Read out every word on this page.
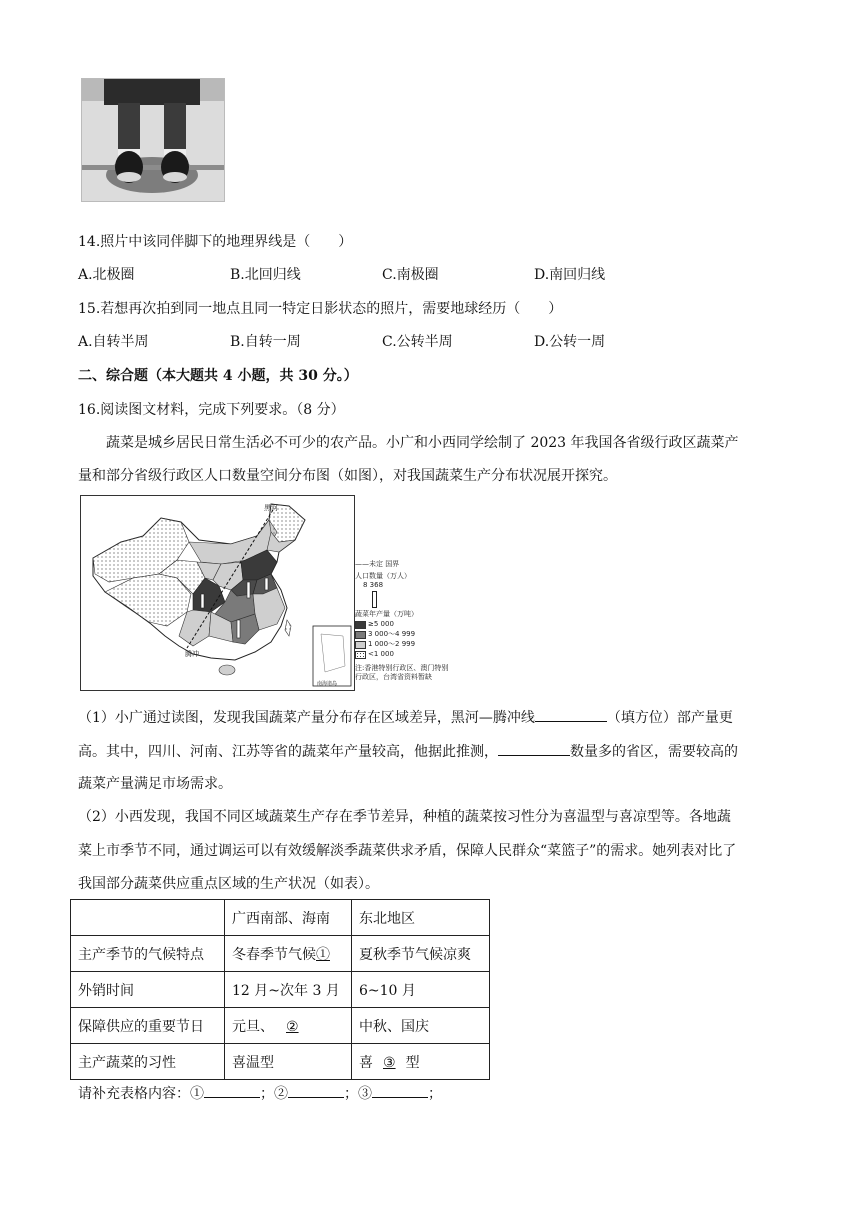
14.照片中该同伴脚下的地理界线是（　　）
A.北极圈	B.北回归线	C.南极圈	D.南回归线
15.若想再次拍到同一地点且同一特定日影状态的照片，需要地球经历（　　）
A.自转半周	B.自转一周	C.公转半周	D.公转一周
二、综合题（本大题共 4 小题，共 30 分。）
16.阅读图文材料，完成下列要求。（8 分）
蔬菜是城乡居民日常生活必不可少的农产品。小广和小西同学绘制了 2023 年我国各省级行政区蔬菜产
量和部分省级行政区人口数量空间分布图（如图），对我国蔬菜生产分布状况展开探究。
黑河
腾冲
南海诸岛
——未定 国界
人口数量（万人）
8 368
蔬菜年产量（万吨）
≥5 000
3 000～4 999
1 000～2 999
<1 000
注:香港特别行政区、澳门特别
行政区，台湾省资料暂缺
（1）小广通过读图，发现我国蔬菜产量分布存在区域差异，黑河—腾冲线	（填方位）部产量更
高。其中，四川、河南、江苏等省的蔬菜年产量较高，他据此推测，	数量多的省区，需要较高的
蔬菜产量满足市场需求。
（2）小西发现，我国不同区域蔬菜生产存在季节差异，种植的蔬菜按习性分为喜温型与喜凉型等。各地蔬
菜上市季节不同，通过调运可以有效缓解淡季蔬菜供求矛盾，保障人民群众“菜篮子”的需求。她列表对比了
我国部分蔬菜供应重点区域的生产状况（如表）。
	广西南部、海南	东北地区
主产季节的气候特点	冬春季节气候①	夏秋季节气候凉爽
外销时间	12 月~次年 3 月	6~10 月
保障供应的重要节日	元旦、 ②	中秋、国庆
主产蔬菜的习性	喜温型	喜 ③ 型
请补充表格内容：①	；②	；③	；
